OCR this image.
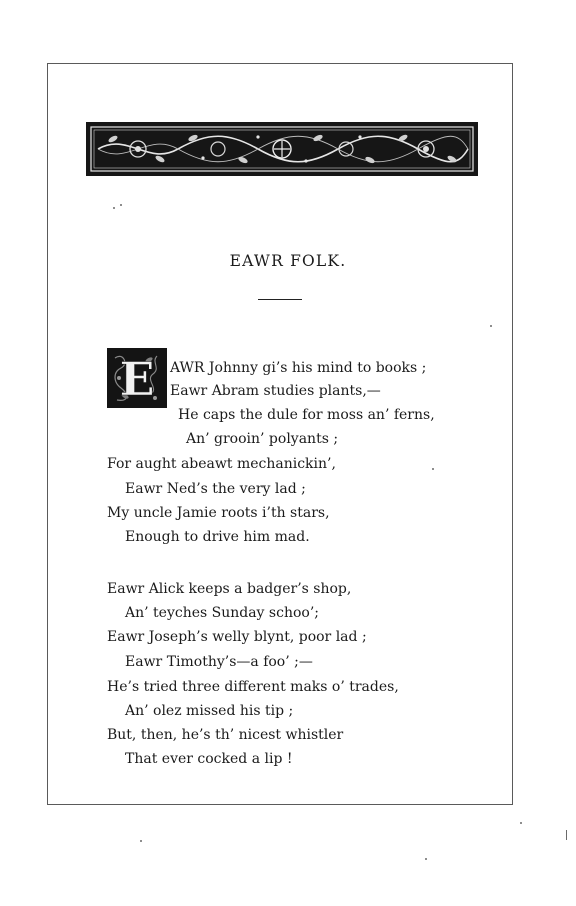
EAWR FOLK.
E AWR Johnny gi’s his mind to books ;
Eawr Abram studies plants,—
He caps the dule for moss an’ ferns,
An’ grooin’ polyants ;
For aught abeawt mechanickin’,
Eawr Ned’s the very lad ;
My uncle Jamie roots i’th stars,
Enough to drive him mad.
Eawr Alick keeps a badger’s shop,
An’ teyches Sunday schoo’;
Eawr Joseph’s welly blynt, poor lad ;
Eawr Timothy’s—a foo’ ;—
He’s tried three different maks o’ trades,
An’ olez missed his tip ;
But, then, he’s th’ nicest whistler
That ever cocked a lip !
